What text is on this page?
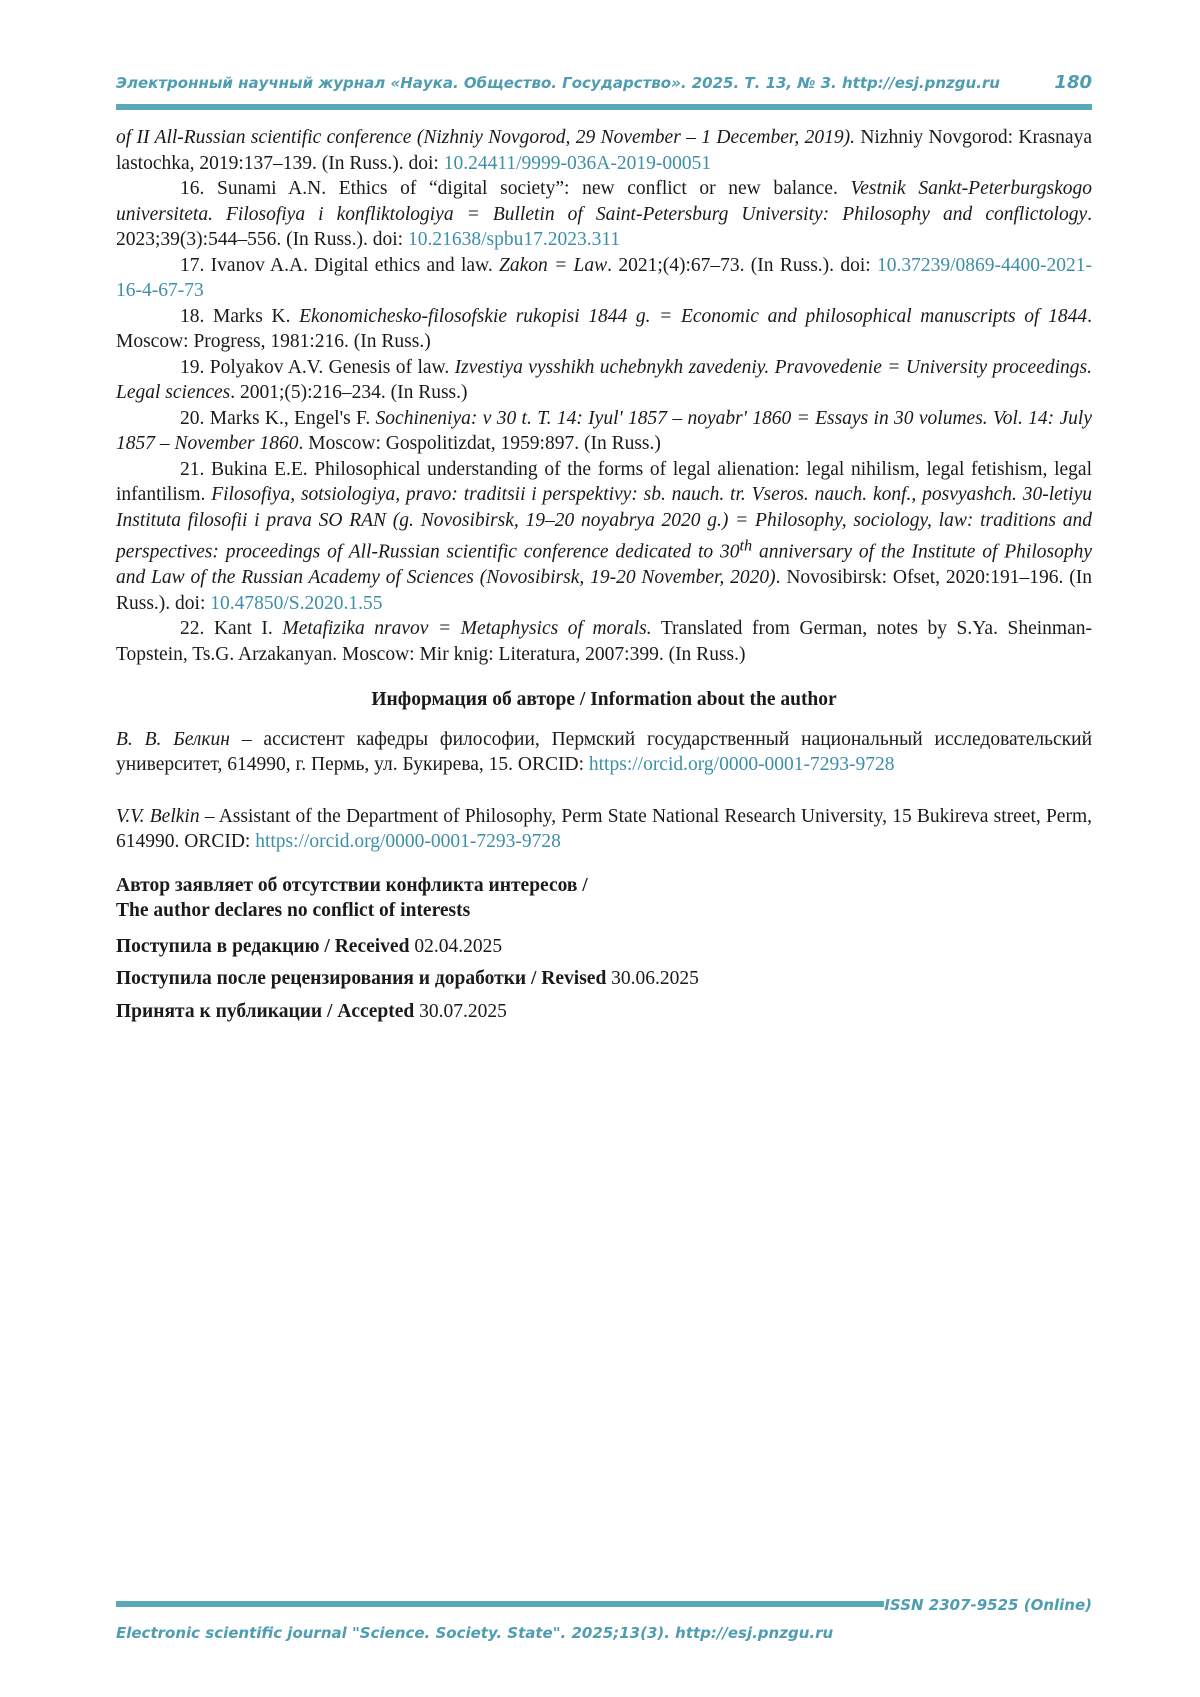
Электронный научный журнал «Наука. Общество. Государство». 2025. Т. 13, № 3. http://esj.pnzgu.ru	180

of II All-Russian scientific conference (Nizhniy Novgorod, 29 November – 1 December, 2019). Nizhniy Novgorod: Krasnaya lastochka, 2019:137–139. (In Russ.). doi: 10.24411/9999-036A-2019-00051

16. Sunami A.N. Ethics of “digital society”: new conflict or new balance. Vestnik Sankt-Peterburgskogo universiteta. Filosofiya i konfliktologiya = Bulletin of Saint-Petersburg University: Philosophy and conflictology. 2023;39(3):544–556. (In Russ.). doi: 10.21638/spbu17.2023.311

17. Ivanov A.A. Digital ethics and law. Zakon = Law. 2021;(4):67–73. (In Russ.). doi: 10.37239/0869-4400-2021-16-4-67-73

18. Marks K. Ekonomichesko-filosofskie rukopisi 1844 g. = Economic and philosophical manuscripts of 1844. Moscow: Progress, 1981:216. (In Russ.)

19. Polyakov A.V. Genesis of law. Izvestiya vysshikh uchebnykh zavedeniy. Pravovedenie = University proceedings. Legal sciences. 2001;(5):216–234. (In Russ.)

20. Marks K., Engel's F. Sochineniya: v 30 t. T. 14: Iyul' 1857 – noyabr' 1860 = Essays in 30 volumes. Vol. 14: July 1857 – November 1860. Moscow: Gospolitizdat, 1959:897. (In Russ.)

21. Bukina E.E. Philosophical understanding of the forms of legal alienation: legal nihilism, legal fetishism, legal infantilism. Filosofiya, sotsiologiya, pravo: traditsii i perspektivy: sb. nauch. tr. Vseros. nauch. konf., posvyashch. 30-letiyu Instituta filosofii i prava SO RAN (g. Novosibirsk, 19–20 noyabrya 2020 g.) = Philosophy, sociology, law: traditions and perspectives: proceedings of All-Russian scientific conference dedicated to 30th anniversary of the Institute of Philosophy and Law of the Russian Academy of Sciences (Novosibirsk, 19-20 November, 2020). Novosibirsk: Ofset, 2020:191–196. (In Russ.). doi: 10.47850/S.2020.1.55

22. Kant I. Metafizika nravov = Metaphysics of morals. Translated from German, notes by S.Ya. Sheinman-Topstein, Ts.G. Arzakanyan. Moscow: Mir knig: Literatura, 2007:399. (In Russ.)

Информация об авторе / Information about the author

В. В. Белкин – ассистент кафедры философии, Пермский государственный национальный исследовательский университет, 614990, г. Пермь, ул. Букирева, 15. ORCID: https://orcid.org/0000-0001-7293-9728

V.V. Belkin – Assistant of the Department of Philosophy, Perm State National Research University, 15 Bukireva street, Perm, 614990. ORCID: https://orcid.org/0000-0001-7293-9728

Автор заявляет об отсутствии конфликта интересов /
The author declares no conflict of interests
Поступила в редакцию / Received 02.04.2025
Поступила после рецензирования и доработки / Revised 30.06.2025
Принята к публикации / Accepted 30.07.2025
ISSN 2307-9525 (Online)
Electronic scientific journal "Science. Society. State". 2025;13(3). http://esj.pnzgu.ru
